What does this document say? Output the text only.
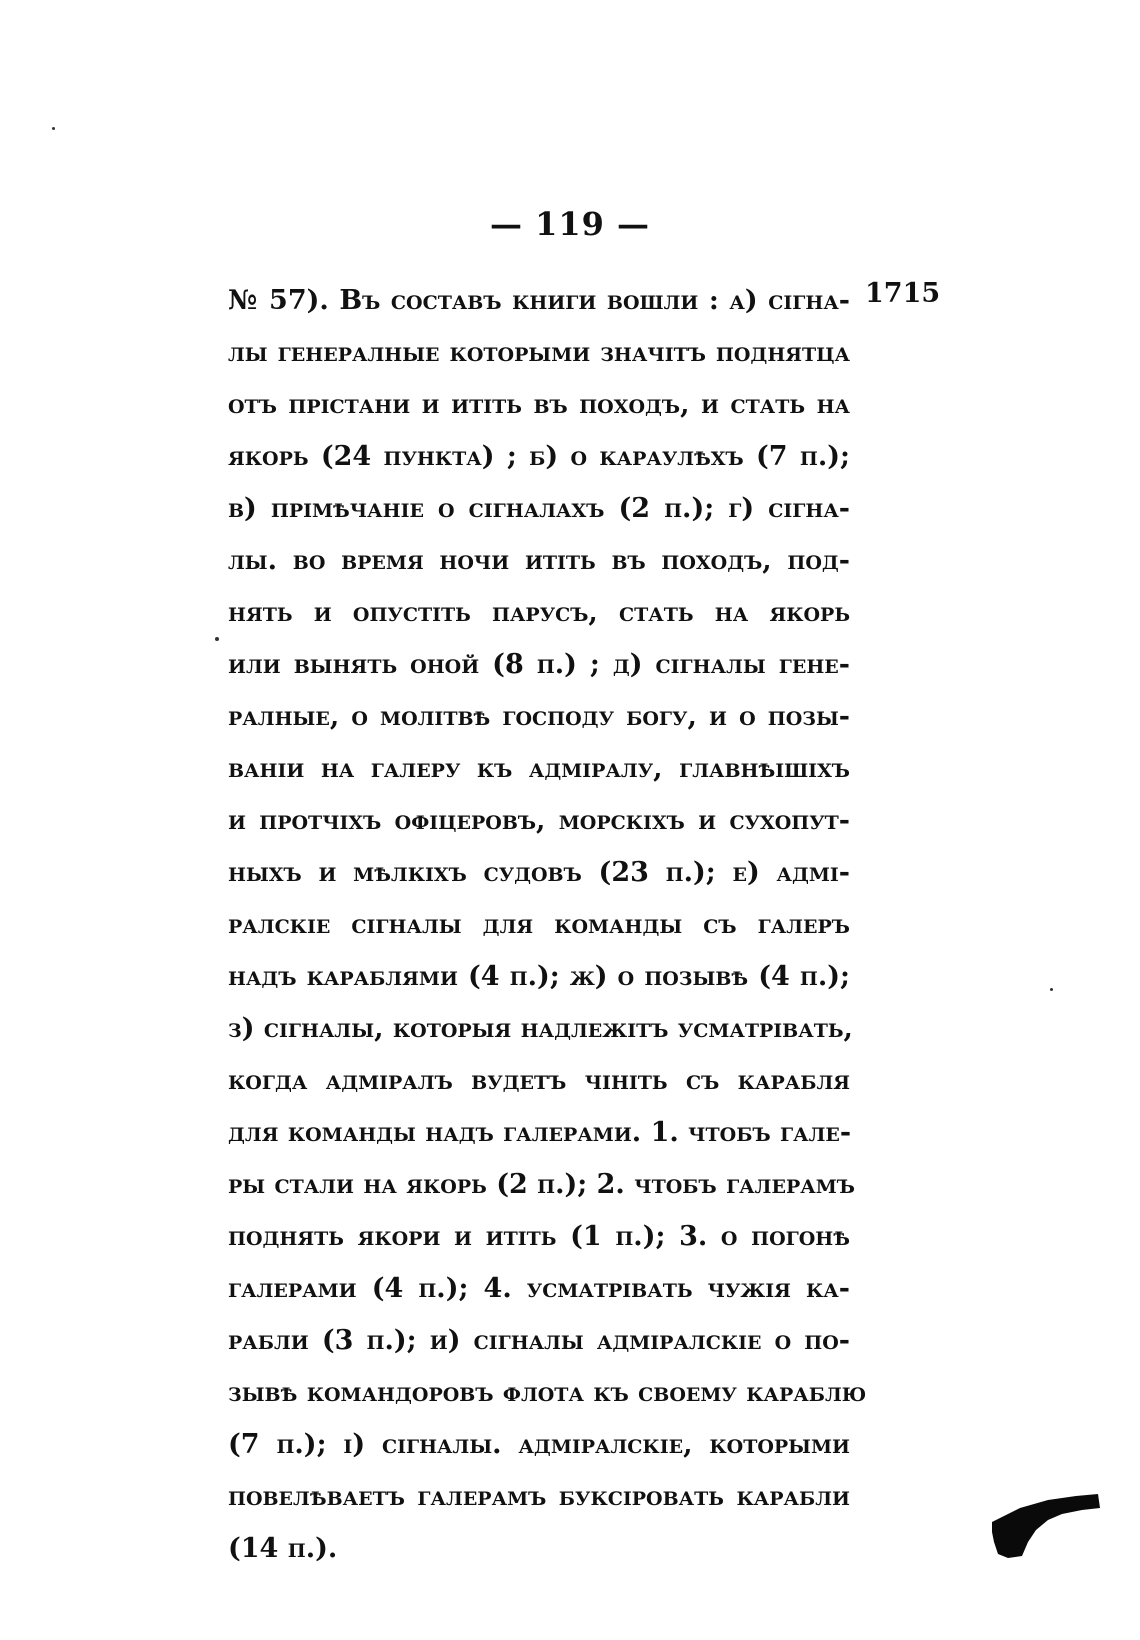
— 119 —
1715
№ 57). Въ составъ книги вошли : а) сiгна-
лы генералные которыми значiтъ поднятца
отъ прiстани и итiть въ походъ, и стать на
якорь (24 пункта) ; б) о караулѣхъ (7 п.);
в) прiмѣчанiе о сiгналахъ (2 п.); г) сiгна-
лы. во время ночи итiть въ походъ, под-
нять и опустiть парусъ, стать на якорь
или вынять оной (8 п.) ; д) сiгналы гене-
ралные, о молiтвѣ господу богу, и о позы-
ванiи на галеру къ адмiралу, главнѣiшiхъ
и протчiхъ офiцеровъ, морскiхъ и сухопут-
ныхъ и мѣлкiхъ судовъ (23 п.); е) адмi-
ралскiе сiгналы для команды съ галеръ
надъ караблями (4 п.); ж) о позывѣ (4 п.);
з) сiгналы, которыя надлежiтъ усматрiвать,
когда адмiралъ вудетъ чiнiть съ карабля
для команды надъ галерами. 1. чтобъ гале-
ры стали на якорь (2 п.); 2. чтобъ галерамъ
поднять якори и итiть (1 п.); 3. о погонѣ
галерами (4 п.); 4. усматрiвать чужiя ка-
рабли (3 п.); и) сiгналы адмiралскiе о по-
зывѣ командоровъ флота къ своему караблю
(7 п.); i) сiгналы. адмiралскiе, которыми
повелѣваетъ галерамъ буксiровать карабли
(14 п.).
